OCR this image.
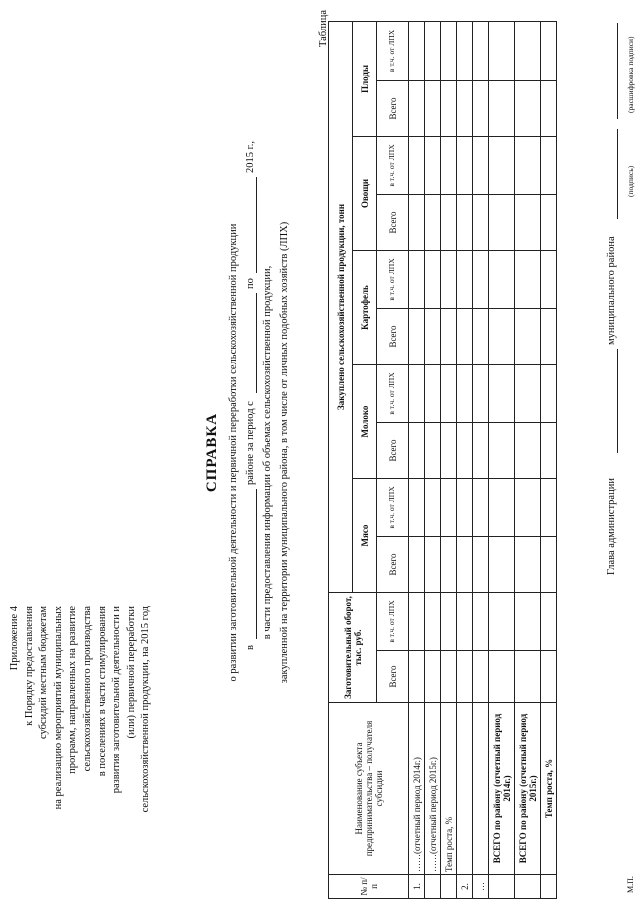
Приложение 4 к Порядку предоставления субсидий местным бюджетам на реализацию мероприятий муниципальных программ, направленных на развитие сельскохозяйственного производства в поселениях в части стимулирования развития заготовительной деятельности и (или) первичной переработки сельскохозяйственной продукции, на 2015 год
СПРАВКА о развитии заготовительной деятельности и первичной переработки сельскохозяйственной продукции в
районе за период с
по
2015 г.,
в части предоставления информации об объемах сельскохозяйственной продукции, закупленной на территории муниципального района, в том числе от личных подобных хозяйств (ЛПХ)
Таблица
№ п/п	Наименование субъекта предпринимательства – получателя субсидии	Заготовительный оборот, тыс. руб.		Закуплено сельскохозяйственной продукции, тонн									
				Мясо		Молоко		Картофель		Овощи		Плоды	
		Всего	в т.ч. от ЛПХ	Всего	в т.ч. от ЛПХ	Всего	в т.ч. от ЛПХ	Всего	в т.ч. от ЛПХ	Всего	в т.ч. от ЛПХ	Всего	в т.ч. от ЛПХ
1.	……(отчетный период 2014г.)												
	……(отчетный период 2015г.)												
	Темп роста, %												
2.													
…													
	ВСЕГО по району (отчетный период 2014г.)												
	ВСЕГО по району (отчетный период 2015г.)												
	Темп роста, %												
Глава администрации
муниципального района
(подпись)
(расшифровка подписи)
М.П.
